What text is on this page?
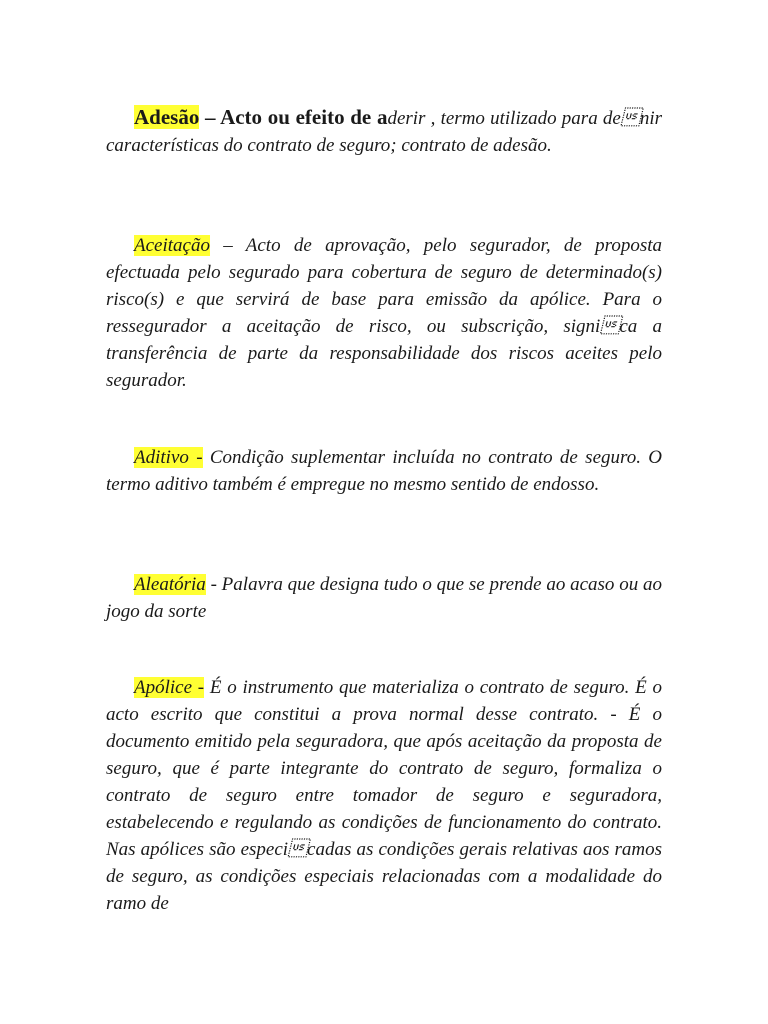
Adesão – Acto ou efeito de aderir , termo utilizado para denir características do contrato de seguro; contrato de adesão.

Aceitação – Acto de aprovação, pelo segurador, de proposta efectuada pelo segurado para cobertura de seguro de determinado(s) risco(s) e que servirá de base para emissão da apólice. Para o ressegurador a aceitação de risco, ou subscrição, signica a transferência de parte da responsabilidade dos riscos aceites pelo segurador.

Aditivo - Condição suplementar incluída no contrato de seguro. O termo aditivo também é empregue no mesmo sentido de endosso.

Aleatória - Palavra que designa tudo o que se prende ao acaso ou ao jogo da sorte

Apólice - É o instrumento que materializa o contrato de seguro. É o acto escrito que constitui a prova normal desse contrato. - É o documento emitido pela seguradora, que após aceitação da proposta de seguro, que é parte integrante do contrato de seguro, formaliza o contrato de seguro entre tomador de seguro e seguradora, estabelecendo e regulando as condições de funcionamento do contrato. Nas apólices são especicadas as condições gerais relativas aos ramos de seguro, as condições especiais relacionadas com a modalidade do ramo de
